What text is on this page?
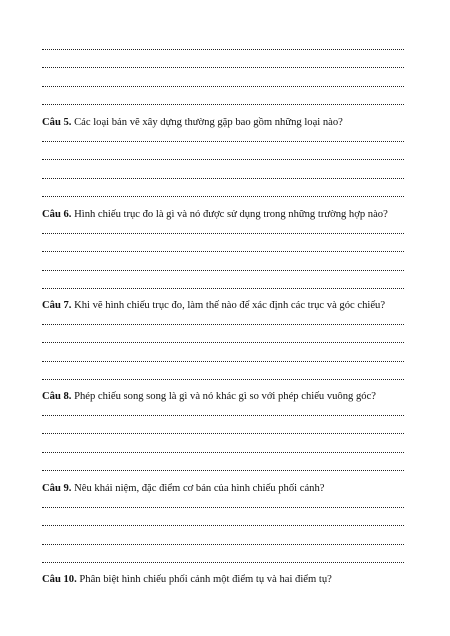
Câu 5. Các loại bản vẽ xây dựng thường gặp bao gồm những loại nào?
Câu 6. Hình chiếu trục đo là gì và nó được sử dụng trong những trường hợp nào?
Câu 7. Khi vẽ hình chiếu trục đo, làm thế nào để xác định các trục và góc chiếu?
Câu 8. Phép chiếu song song là gì và nó khác gì so với phép chiếu vuông góc?
Câu 9. Nêu khái niệm, đặc điểm cơ bản của hình chiếu phối cảnh?
Câu 10. Phân biệt hình chiếu phối cảnh một điểm tụ và hai điểm tụ?
